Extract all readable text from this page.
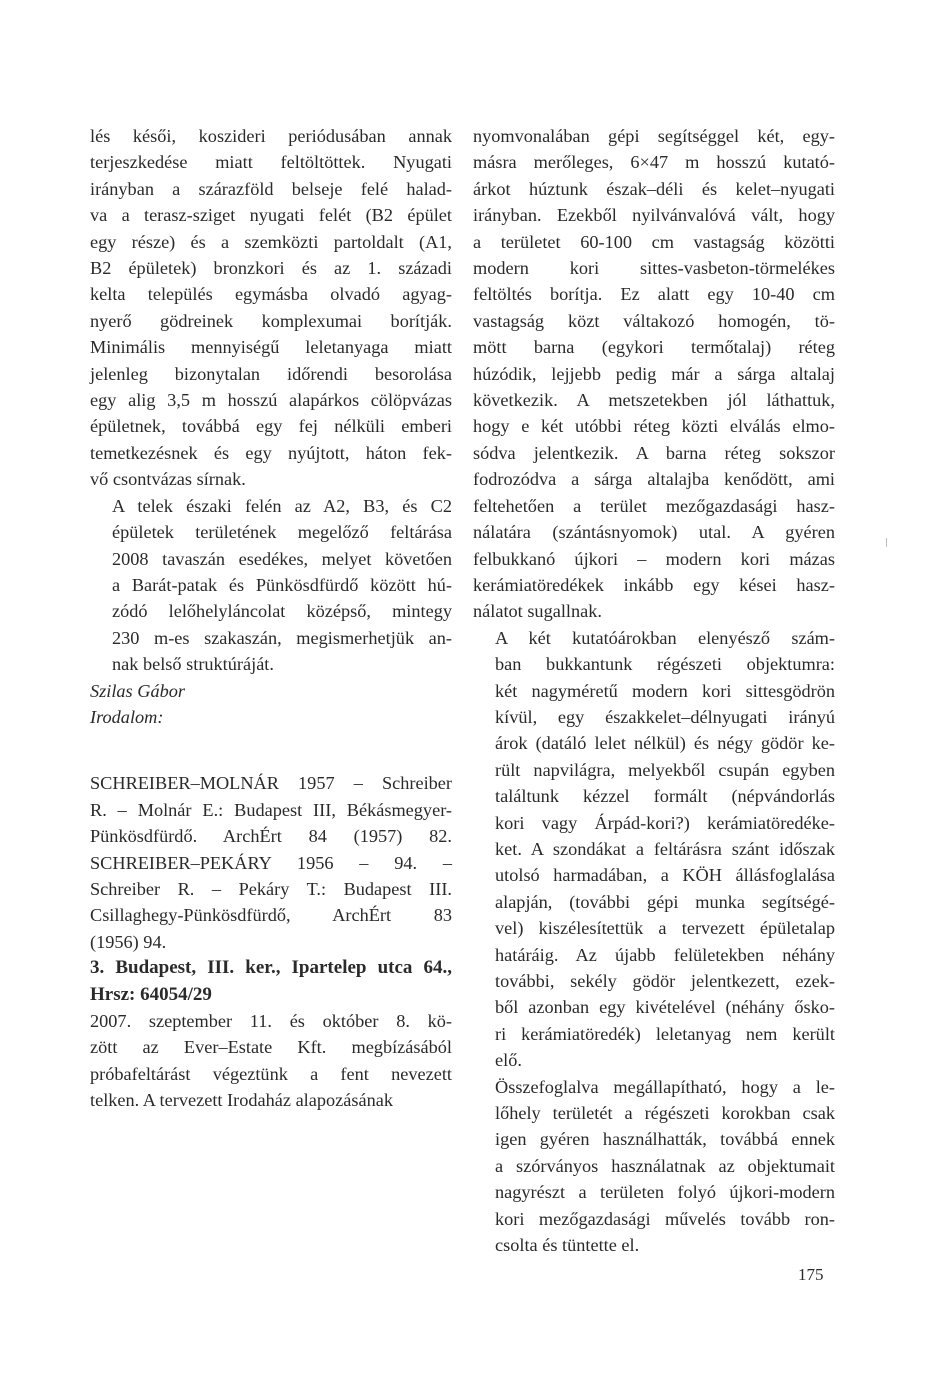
lés késői, koszideri periódusában annak
terjeszkedése miatt feltöltöttek. Nyugati
irányban a szárazföld belseje felé halad-
va a terasz-sziget nyugati felét (B2 épület
egy része) és a szemközti partoldalt (A1,
B2 épületek) bronzkori és az 1. századi
kelta település egymásba olvadó agyag-
nyerő gödreinek komplexumai borítják.
Minimális mennyiségű leletanyaga miatt
jelenleg bizonytalan időrendi besorolása
egy alig 3,5 m hosszú alapárkos cölöpvázas
épületnek, továbbá egy fej nélküli emberi
temetkezésnek és egy nyújtott, háton fek-
vő csontvázas sírnak.

A telek északi felén az A2, B3, és C2
épületek területének megelőző feltárása
2008 tavaszán esedékes, melyet követően
a Barát-patak és Pünkösdfürdő között hú-
zódó lelőhelyláncolat középső, mintegy
230 m-es szakaszán, megismerhetjük an-
nak belső struktúráját.

Szilas Gábor

Irodalom:

SCHREIBER–MOLNÁR 1957 – Schreiber
R. – Molnár E.: Budapest III, Békásmegyer-
Pünkösdfürdő. ArchÉrt 84 (1957) 82.
SCHREIBER–PEKÁRY 1956 – 94. –
Schreiber R. – Pekáry T.: Budapest III.
Csillaghegy-Pünkösdfürdő, ArchÉrt 83
(1956) 94.

3. Budapest, III. ker., Ipartelep utca 64.,
Hrsz: 64054/29

2007. szeptember 11. és október 8. kö-
zött az Ever–Estate Kft. megbízásából
próbafeltárást végeztünk a fent nevezett
telken. A tervezett Irodaház alapozásának

nyomvonalában gépi segítséggel két, egy-
másra merőleges, 6×47 m hosszú kutató-
árkot húztunk észak–déli és kelet–nyugati
irányban. Ezekből nyilvánvalóvá vált, hogy
a területet 60-100 cm vastagság közötti
modern kori sittes-vasbeton-törmelékes
feltöltés borítja. Ez alatt egy 10-40 cm
vastagság közt váltakozó homogén, tö-
mött barna (egykori termőtalaj) réteg
húzódik, lejjebb pedig már a sárga altalaj
következik. A metszetekben jól láthattuk,
hogy e két utóbbi réteg közti elválás elmo-
sódva jelentkezik. A barna réteg sokszor
fodrozódva a sárga altalajba kenődött, ami
feltehetően a terület mezőgazdasági hasz-
nálatára (szántásnyomok) utal. A gyéren
felbukkanó újkori – modern kori mázas
kerámiatöredékek inkább egy kései hasz-
nálatot sugallnak.

A két kutatóárokban elenyésző szám-
ban bukkantunk régészeti objektumra:
két nagyméretű modern kori sittesgödrön
kívül, egy északkelet–délnyugati irányú
árok (datáló lelet nélkül) és négy gödör ke-
rült napvilágra, melyekből csupán egyben
találtunk kézzel formált (népvándorlás
kori vagy Árpád-kori?) kerámiatöredéke-
ket. A szondákat a feltárásra szánt időszak
utolsó harmadában, a KÖH állásfoglalása
alapján, (további gépi munka segítségé-
vel) kiszélesítettük a tervezett épületalap
határáig. Az újabb felületekben néhány
további, sekély gödör jelentkezett, ezek-
ből azonban egy kivételével (néhány ősko-
ri kerámiatöredék) leletanyag nem került
elő.

Összefoglalva megállapítható, hogy a le-
lőhely területét a régészeti korokban csak
igen gyéren használhatták, továbbá ennek
a szórványos használatnak az objektumait
nagyrészt a területen folyó újkori-modern
kori mezőgazdasági művelés tovább ron-
csolta és tüntette el.

175
